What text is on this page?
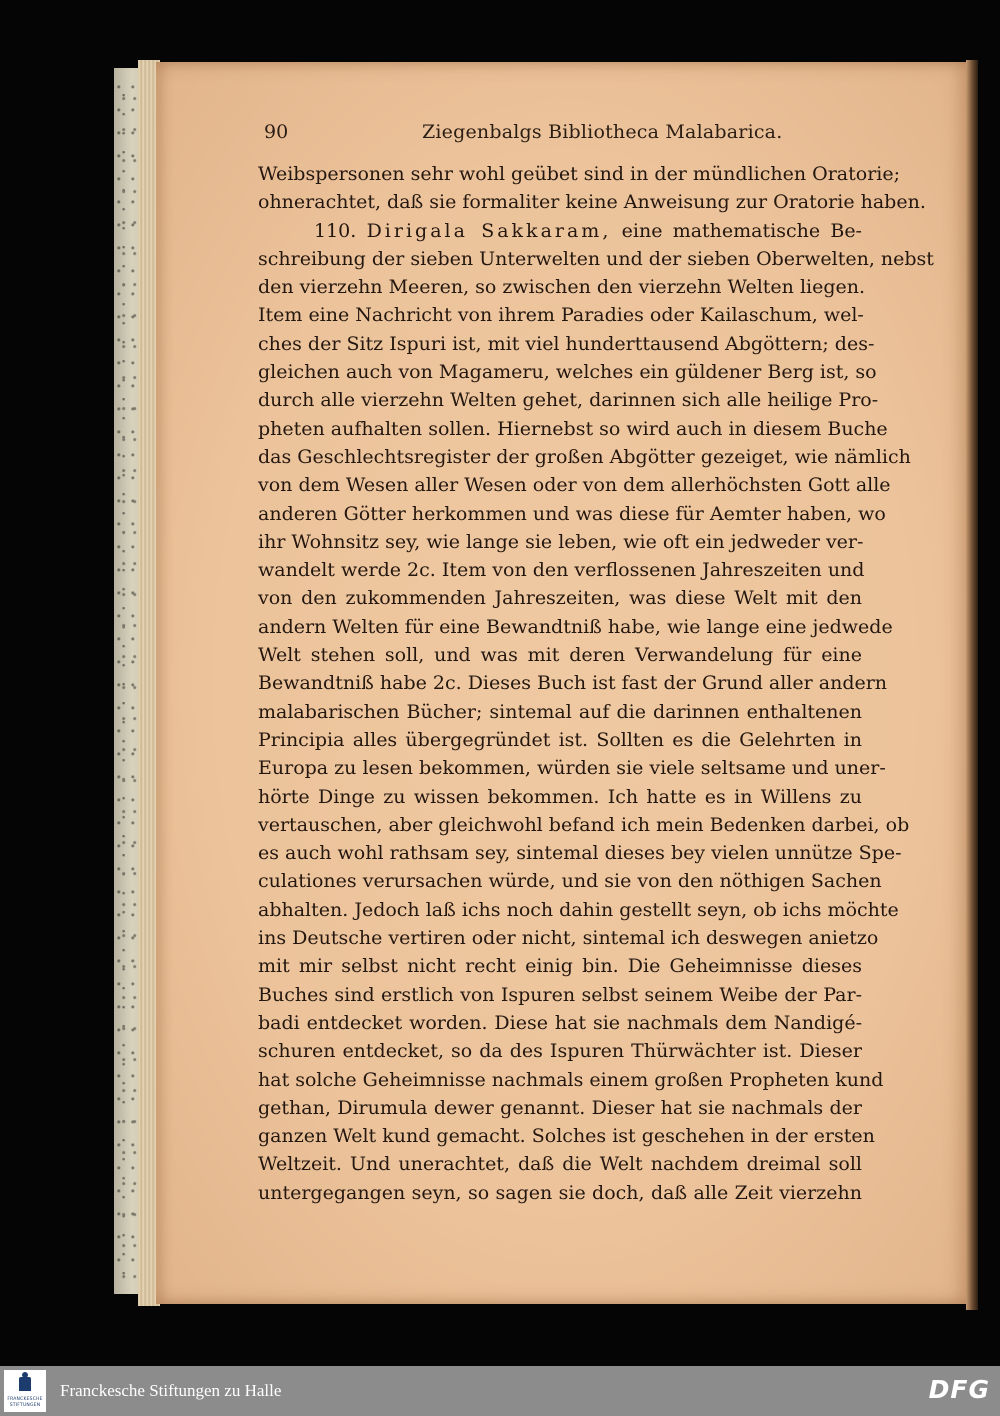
90	Ziegenbalgs Bibliotheca Malabarica.
Weibspersonen sehr wohl geübet sind in der mündlichen Oratorie;
ohnerachtet, daß sie formaliter keine Anweisung zur Oratorie haben.
110. Dirigala Sakkaram, eine mathematische Be-
schreibung der sieben Unterwelten und der sieben Oberwelten, nebst
den vierzehn Meeren, so zwischen den vierzehn Welten liegen.
Item eine Nachricht von ihrem Paradies oder Kailaschum, wel-
ches der Sitz Ispuri ist, mit viel hunderttausend Abgöttern; des-
gleichen auch von Magameru, welches ein güldener Berg ist, so
durch alle vierzehn Welten gehet, darinnen sich alle heilige Pro-
pheten aufhalten sollen. Hiernebst so wird auch in diesem Buche
das Geschlechtsregister der großen Abgötter gezeiget, wie nämlich
von dem Wesen aller Wesen oder von dem allerhöchsten Gott alle
anderen Götter herkommen und was diese für Aemter haben, wo
ihr Wohnsitz sey, wie lange sie leben, wie oft ein jedweder ver-
wandelt werde 2c. Item von den verflossenen Jahreszeiten und
von den zukommenden Jahreszeiten, was diese Welt mit den
andern Welten für eine Bewandtniß habe, wie lange eine jedwede
Welt stehen soll, und was mit deren Verwandelung für eine
Bewandtniß habe 2c. Dieses Buch ist fast der Grund aller andern
malabarischen Bücher; sintemal auf die darinnen enthaltenen
Principia alles übergegründet ist. Sollten es die Gelehrten in
Europa zu lesen bekommen, würden sie viele seltsame und uner-
hörte Dinge zu wissen bekommen. Ich hatte es in Willens zu
vertauschen, aber gleichwohl befand ich mein Bedenken darbei, ob
es auch wohl rathsam sey, sintemal dieses bey vielen unnütze Spe-
culationes verursachen würde, und sie von den nöthigen Sachen
abhalten. Jedoch laß ichs noch dahin gestellt seyn, ob ichs möchte
ins Deutsche vertiren oder nicht, sintemal ich deswegen anietzo
mit mir selbst nicht recht einig bin. Die Geheimnisse dieses
Buches sind erstlich von Ispuren selbst seinem Weibe der Par-
badi entdecket worden. Diese hat sie nachmals dem Nandigé-
schuren entdecket, so da des Ispuren Thürwächter ist. Dieser
hat solche Geheimnisse nachmals einem großen Propheten kund
gethan, Dirumula dewer genannt. Dieser hat sie nachmals der
ganzen Welt kund gemacht. Solches ist geschehen in der ersten
Weltzeit. Und unerachtet, daß die Welt nachdem dreimal soll
untergegangen seyn, so sagen sie doch, daß alle Zeit vierzehn
FRANCKESCHE STIFTUNGEN
Franckesche Stiftungen zu Halle	DFG
